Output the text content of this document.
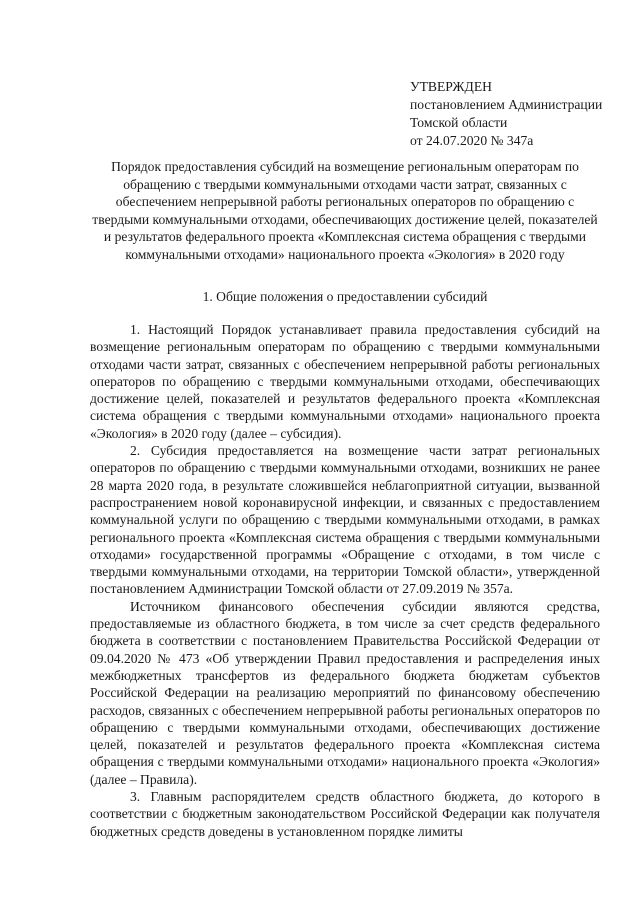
УТВЕРЖДЕН
постановлением Администрации
Томской области
от 24.07.2020 № 347а
Порядок предоставления субсидий на возмещение региональным операторам по обращению с твердыми коммунальными отходами части затрат, связанных с обеспечением непрерывной работы региональных операторов по обращению с твердыми коммунальными отходами, обеспечивающих достижение целей, показателей и результатов федерального проекта «Комплексная система обращения с твердыми коммунальными отходами» национального проекта «Экология» в 2020 году
1. Общие положения о предоставлении субсидий

1. Настоящий Порядок устанавливает правила предоставления субсидий на возмещение региональным операторам по обращению с твердыми коммунальными отходами части затрат, связанных с обеспечением непрерывной работы региональных операторов по обращению с твердыми коммунальными отходами, обеспечивающих достижение целей, показателей и результатов федерального проекта «Комплексная система обращения с твердыми коммунальными отходами» национального проекта «Экология» в 2020 году (далее – субсидия).

2. Субсидия предоставляется на возмещение части затрат региональных операторов по обращению с твердыми коммунальными отходами, возникших не ранее 28 марта 2020 года, в результате сложившейся неблагоприятной ситуации, вызванной распространением новой коронавирусной инфекции, и связанных с предоставлением коммунальной услуги по обращению с твердыми коммунальными отходами, в рамках регионального проекта «Комплексная система обращения с твердыми коммунальными отходами» государственной программы «Обращение с отходами, в том числе с твердыми коммунальными отходами, на территории Томской области», утвержденной постановлением Администрации Томской области от 27.09.2019 № 357а.

Источником финансового обеспечения субсидии являются средства, предоставляемые из областного бюджета, в том числе за счет средств федерального бюджета в соответствии с постановлением Правительства Российской Федерации от 09.04.2020 № 473 «Об утверждении Правил предоставления и распределения иных межбюджетных трансфертов из федерального бюджета бюджетам субъектов Российской Федерации на реализацию мероприятий по финансовому обеспечению расходов, связанных с обеспечением непрерывной работы региональных операторов по обращению с твердыми коммунальными отходами, обеспечивающих достижение целей, показателей и результатов федерального проекта «Комплексная система обращения с твердыми коммунальными отходами» национального проекта «Экология» (далее – Правила).

3. Главным распорядителем средств областного бюджета, до которого в соответствии с бюджетным законодательством Российской Федерации как получателя бюджетных средств доведены в установленном порядке лимиты
